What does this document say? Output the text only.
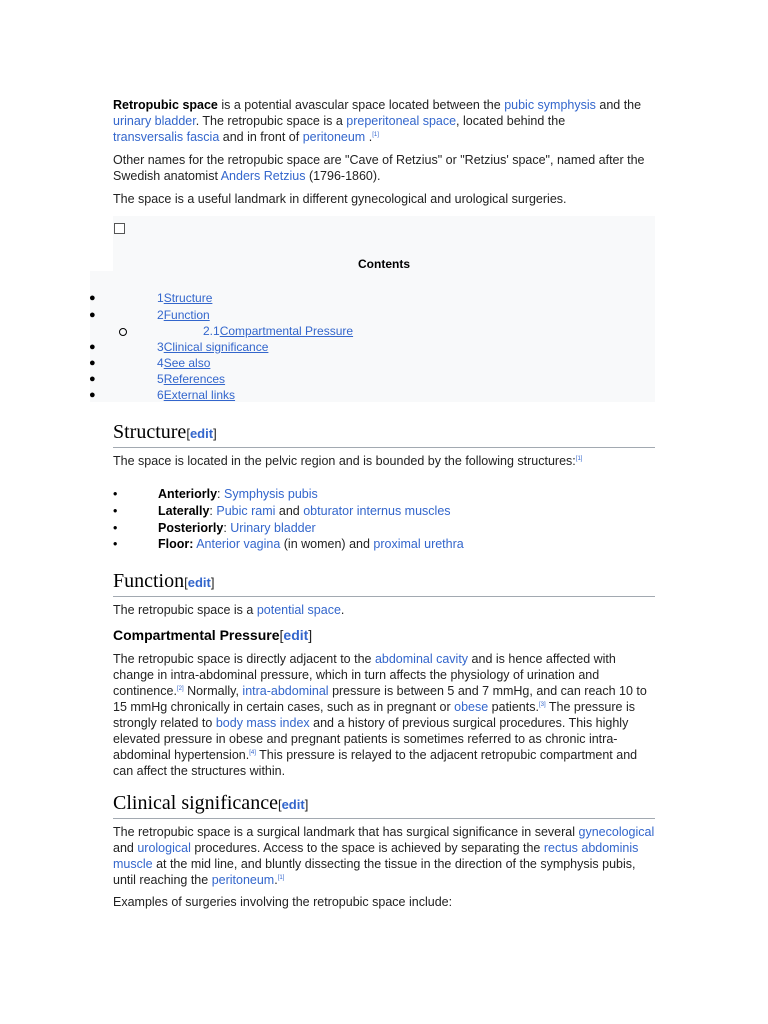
Retropubic space is a potential avascular space located between the pubic symphysis and the
urinary bladder. The retropubic space is a preperitoneal space, located behind the
transversalis fascia and in front of peritoneum .[1]

Other names for the retropubic space are "Cave of Retzius" or "Retzius' space", named after the Swedish anatomist Anders Retzius (1796-1860).

The space is a useful landmark in different gynecological and urological surgeries.

Contents
●	1Structure
●	2Function
2.1Compartmental Pressure
●	3Clinical significance
●	4See also
●	5References
●	6External links
Structure[edit]
The space is located in the pelvic region and is bounded by the following structures:[1]
•	Anteriorly: Symphysis pubis
•	Laterally: Pubic rami and obturator internus muscles
•	Posteriorly: Urinary bladder
•	Floor: Anterior vagina (in women) and proximal urethra
Function[edit]
The retropubic space is a potential space.
Compartmental Pressure[edit]
The retropubic space is directly adjacent to the abdominal cavity and is hence affected with change in intra-abdominal pressure, which in turn affects the physiology of urination and continence.[2] Normally, intra-abdominal pressure is between 5 and 7 mmHg, and can reach 10 to 15 mmHg chronically in certain cases, such as in pregnant or obese patients.[3] The pressure is strongly related to body mass index and a history of previous surgical procedures. This highly elevated pressure in obese and pregnant patients is sometimes referred to as chronic intra-abdominal hypertension.[4] This pressure is relayed to the adjacent retropubic compartment and can affect the structures within.
Clinical significance[edit]
The retropubic space is a surgical landmark that has surgical significance in several gynecological and urological procedures. Access to the space is achieved by separating the rectus abdominis muscle at the mid line, and bluntly dissecting the tissue in the direction of the symphysis pubis, until reaching the peritoneum.[1]
Examples of surgeries involving the retropubic space include:
